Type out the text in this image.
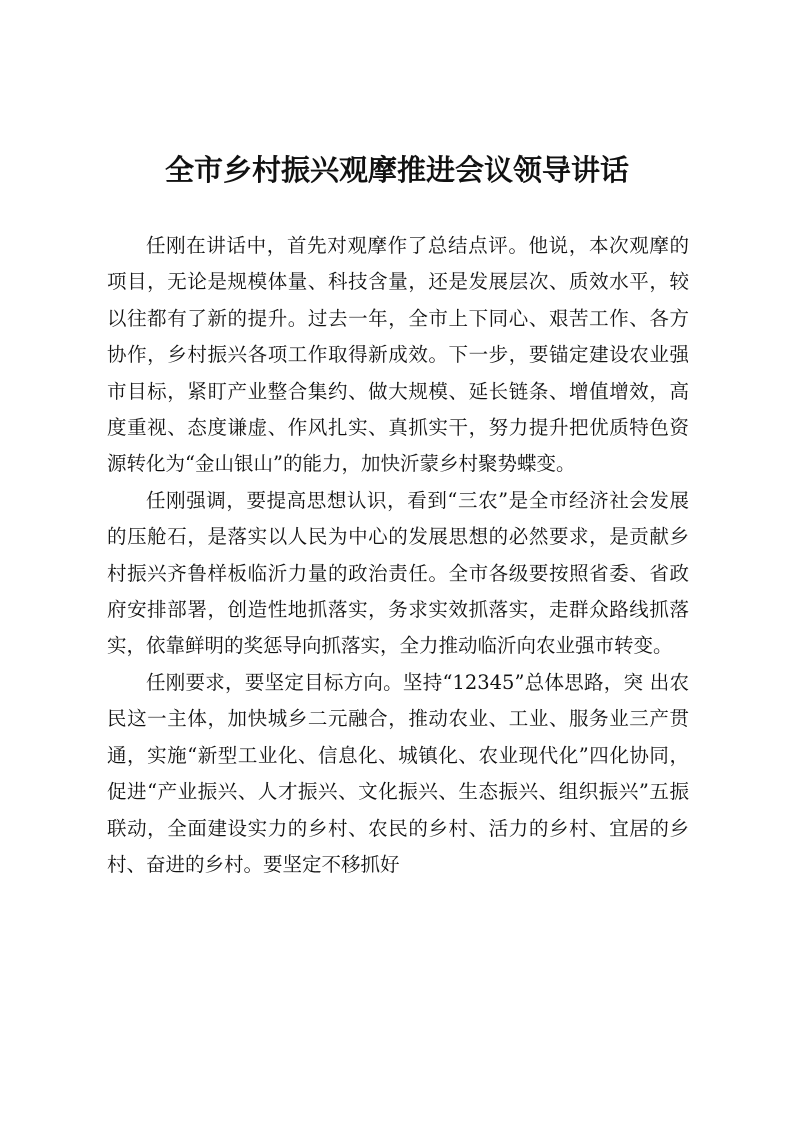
全市乡村振兴观摩推进会议领导讲话

任刚在讲话中，首先对观摩作了总结点评。他说，本次观摩的项目，无论是规模体量、科技含量，还是发展层次、质效水平，较以往都有了新的提升。过去一年，全市上下同心、艰苦工作、各方协作，乡村振兴各项工作取得新成效。下一步，要锚定建设农业强市目标，紧盯产业整合集约、做大规模、延长链条、增值增效，高度重视、态度谦虚、作风扎实、真抓实干，努力提升把优质特色资源转化为“金山银山”的能力，加快沂蒙乡村聚势蝶变。

任刚强调，要提高思想认识，看到“三农”是全市经济社会发展的压舱石，是落实以人民为中心的发展思想的必然要求，是贡献乡村振兴齐鲁样板临沂力量的政治责任。全市各级要按照省委、省政府安排部署，创造性地抓落实，务求实效抓落实，走群众路线抓落实，依靠鲜明的奖惩导向抓落实，全力推动临沂向农业强市转变。

任刚要求，要坚定目标方向。坚持“12345”总体思路，突 出农民这一主体，加快城乡二元融合，推动农业、工业、服务业三产贯通，实施“新型工业化、信息化、城镇化、农业现代化”四化协同，促进“产业振兴、人才振兴、文化振兴、生态振兴、组织振兴”五振联动，全面建设实力的乡村、农民的乡村、活力的乡村、宜居的乡村、奋进的乡村。要坚定不移抓好
